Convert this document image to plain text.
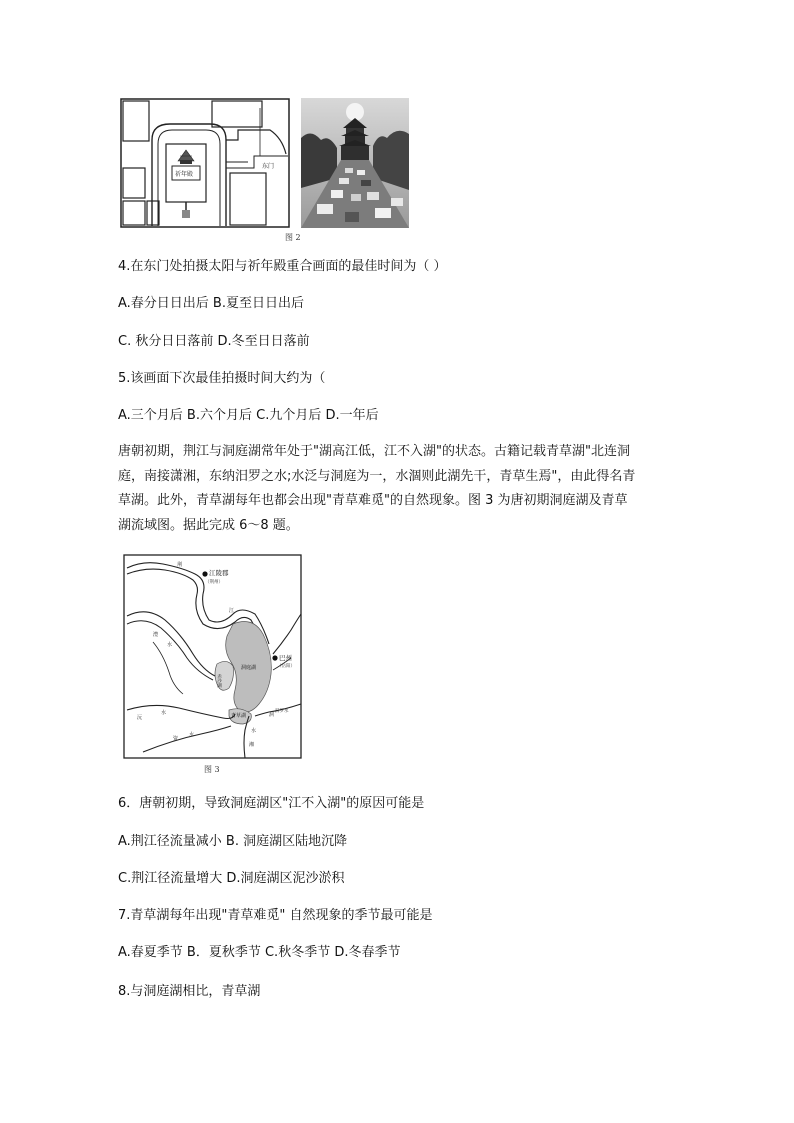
祈年殿
东门
图 2
4.在东门处拍摄太阳与祈年殿重合画面的最佳时间为（ ）
A.春分日日出后 B.夏至日日出后
C. 秋分日日落前 D.冬至日日落前
5.该画面下次最佳拍摄时间大约为（
A.三个月后 B.六个月后 C.九个月后 D.一年后
唐朝初期，荆江与洞庭湖常年处于"湖高江低，江不入湖"的状态。古籍记载青草湖"北连洞
庭，南接潇湘，东纳汨罗之水;水泛与洞庭为一，水涸则此湖先干，青草生焉"，由此得名青
草湖。此外，青草湖每年也都会出现"青草难觅"的自然现象。图 3 为唐初期洞庭湖及青草
湖流域图。据此完成 6～8 题。
江陵郡
（荆州）
巴州
（岳阳）
洞庭湖
青草湖
江
荆
澧
水
沅
水
资
水
湘
水
洞
汨罗水
赤沙湖
图 3
6．唐朝初期，导致洞庭湖区"江不入湖"的原因可能是
A.荆江径流量减小 B. 洞庭湖区陆地沉降
C.荆江径流量增大 D.洞庭湖区泥沙淤积
7.青草湖每年出现"青草难觅" 自然现象的季节最可能是
A.春夏季节 B．夏秋季节 C.秋冬季节 D.冬春季节
8.与洞庭湖相比，青草湖
